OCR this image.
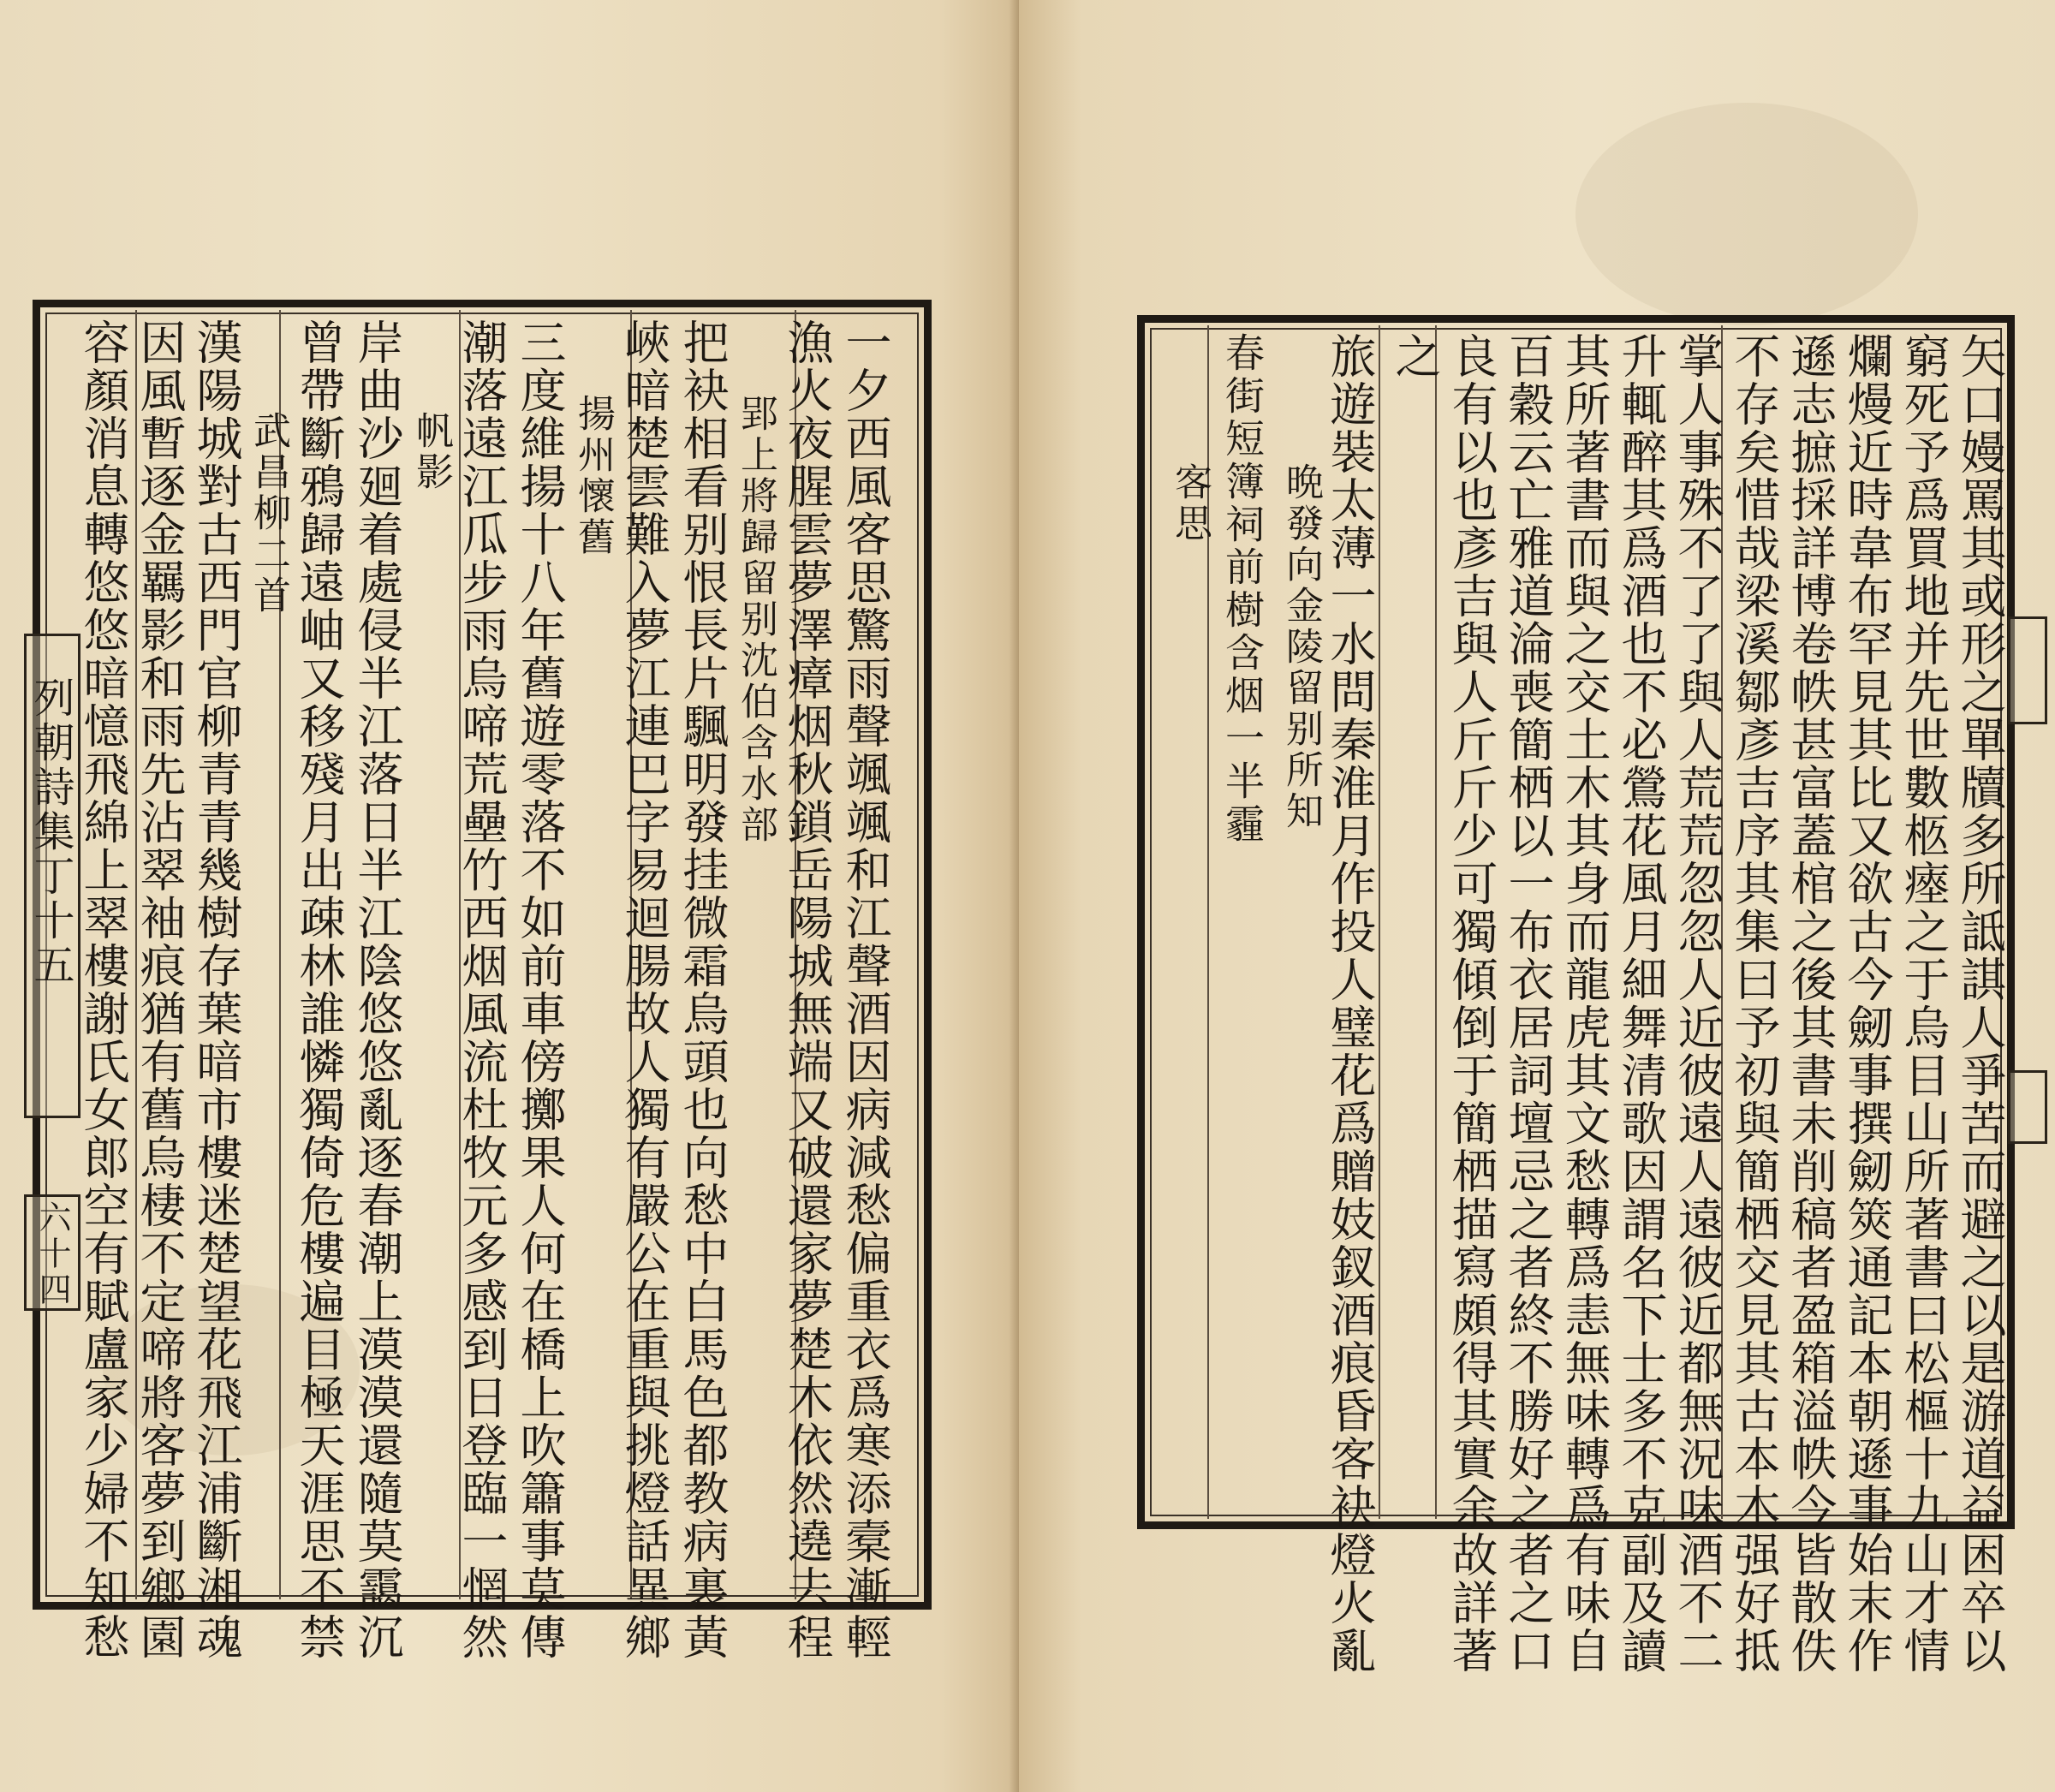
一夕西風客思驚雨聲颯颯和江聲酒因病減愁偏重衣爲寒添槖漸輕
漁火夜腥雲夢澤瘴烟秋鎖岳陽城無端又破還家夢楚木依然遶去程
郢上將歸留别沈伯含水部
把袂相看别恨長片颿明發挂微霜烏頭也向愁中白馬色都教病裏黃
峽暗楚雲難入夢江連巴字易迴腸故人獨有嚴公在重與挑燈話異鄉
揚州懷舊
三度維揚十八年舊遊零落不如前車傍擲果人何在橋上吹簫事莫傳
潮落遠江瓜步雨烏啼荒壘竹西烟風流杜牧元多感到日登臨一惘然
帆影
岸曲沙廻着處侵半江落日半江陰悠悠亂逐春潮上漠漠還隨莫靄沉
曾帶斷鴉歸遠岫又移殘月出疎林誰憐獨倚危樓遍目極天涯思不禁
武昌柳二首
漢陽城對古西門官柳青青幾樹存葉暗市樓迷楚望花飛江浦斷湘魂
因風暫逐金羈影和雨先沾翠袖痕猶有舊烏棲不定啼將客夢到鄉園
容顏消息轉悠悠暗憶飛綿上翠樓謝氏女郎空有賦盧家少婦不知愁
列朝詩集丁十五
六十四	矢口嫚罵其或形之單牘多所詆諆人爭苦而避之以是游道益困卒以
窮死予爲買地并先世數柩瘞之于烏目山所著書曰松樞十九山才情
爛熳近時韋布罕見其比又欲古今劒事撰劒筴通記本朝遜事始末作
遜志摭採詳博卷帙甚富蓋棺之後其書未削稿者盈箱溢帙今皆散佚
不存矣惜哉梁溪鄒彥吉序其集曰予初與簡栖交見其古本木强好抵
掌人事殊不了了與人荒荒忽忽人近彼遠人遠彼近都無況味酒不二
升輒醉其爲酒也不必鶯花風月細舞清歌因謂名下士多不克副及讀
其所著書而與之交土木其身而龍虎其文愁轉爲恚無味轉爲有味自
百穀云亡雅道淪喪簡栖以一布衣居詞壇忌之者終不勝好之者之口
良有以也彥吉與人斤斤少可獨傾倒于簡栖描寫頗得其實余故詳著
之
旅遊裝太薄一水問秦淮月作投人璧花爲贈妓釵酒痕昏客袂燈火亂
晩發向金陵留别所知
春街短簿祠前樹含烟一半霾
客思
